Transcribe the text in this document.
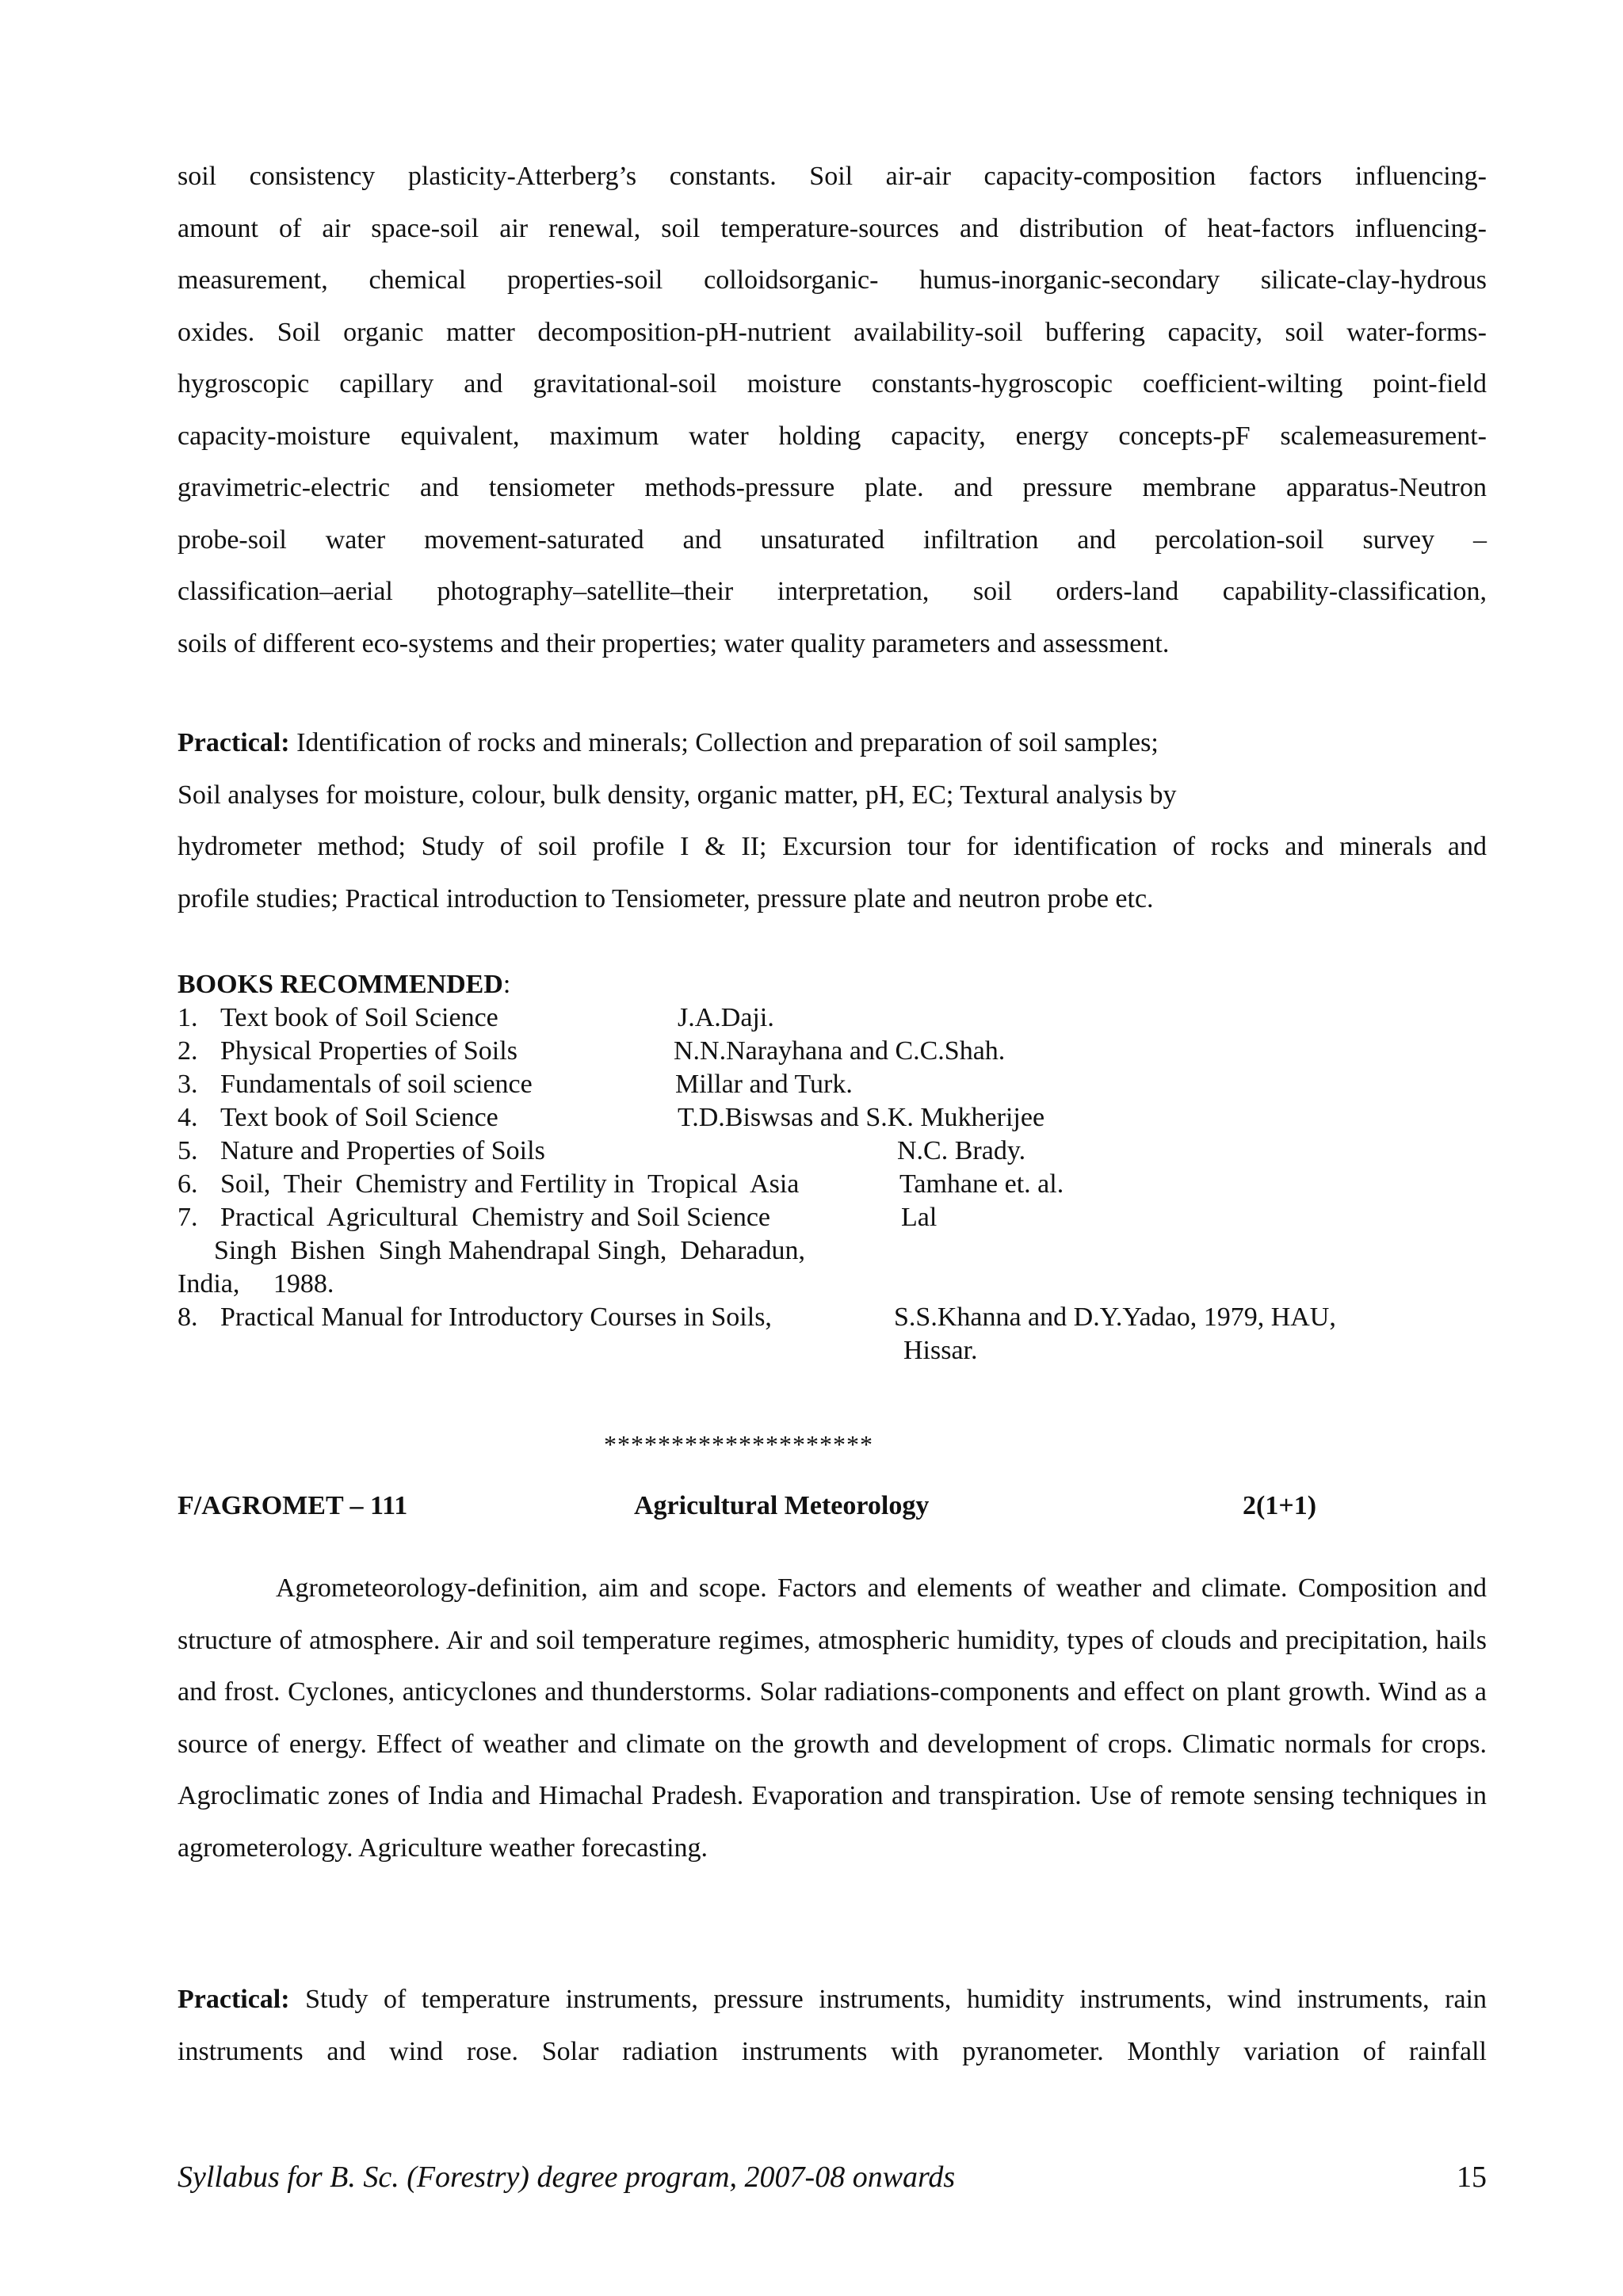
soil consistency plasticity-Atterberg’s constants. Soil air-air capacity-composition factors influencing-
amount of air space-soil air renewal, soil temperature-sources and distribution of heat-factors influencing-
measurement, chemical properties-soil colloidsorganic- humus-inorganic-secondary silicate-clay-hydrous
oxides. Soil organic matter decomposition-pH-nutrient availability-soil buffering capacity, soil water-forms-
hygroscopic capillary and gravitational-soil moisture constants-hygroscopic coefficient-wilting point-field
capacity-moisture equivalent, maximum water holding capacity, energy concepts-pF scalemeasurement-
gravimetric-electric and tensiometer methods-pressure plate. and pressure membrane apparatus-Neutron
probe-soil water movement-saturated and unsaturated infiltration and percolation-soil survey –
classification–aerial photography–satellite–their interpretation, soil orders-land capability-classification,
soils of different eco-systems and their properties; water quality parameters and assessment.
Practical: Identification of rocks and minerals; Collection and preparation of soil samples;
Soil analyses for moisture, colour, bulk density, organic matter, pH, EC; Textural analysis by
hydrometer method; Study of soil profile I & II; Excursion tour for identification of rocks and minerals and
profile studies; Practical introduction to Tensiometer, pressure plate and neutron probe etc.
BOOKS RECOMMENDED:
1. Text book of Soil Science	J.A.Daji.
2. Physical Properties of Soils	N.N.Narayhana and C.C.Shah.
3. Fundamentals of soil science	Millar and Turk.
4. Text book of Soil Science	T.D.Biswsas and S.K. Mukherijee
5. Nature and Properties of Soils	N.C. Brady.
6. Soil,  Their  Chemistry and Fertility in  Tropical  Asia	Tamhane et. al.
7. Practical  Agricultural  Chemistry and Soil Science	Lal
Singh  Bishen  Singh Mahendrapal Singh,  Deharadun,
India,     1988.
8. Practical Manual for Introductory Courses in Soils,	S.S.Khanna and D.Y.Yadao, 1979, HAU,
Hissar.
********************
F/AGROMET – 111	Agricultural Meteorology	2(1+1)

Agrometeorology-definition, aim and scope. Factors and elements of weather and climate. Composition and structure of atmosphere. Air and soil temperature regimes, atmospheric humidity, types of clouds and precipitation, hails and frost. Cyclones, anticyclones and thunderstorms. Solar radiations-components and effect on plant growth. Wind as a source of energy. Effect of weather and climate on the growth and development of crops. Climatic normals for crops. Agroclimatic zones of India and Himachal Pradesh. Evaporation and transpiration. Use of remote sensing techniques in agrometerology. Agriculture weather forecasting.

Practical: Study of temperature instruments, pressure instruments, humidity instruments, wind instruments, rain instruments and wind rose. Solar radiation instruments with pyranometer. Monthly variation of rainfall

Syllabus for B. Sc. (Forestry) degree program, 2007-08 onwards	15
